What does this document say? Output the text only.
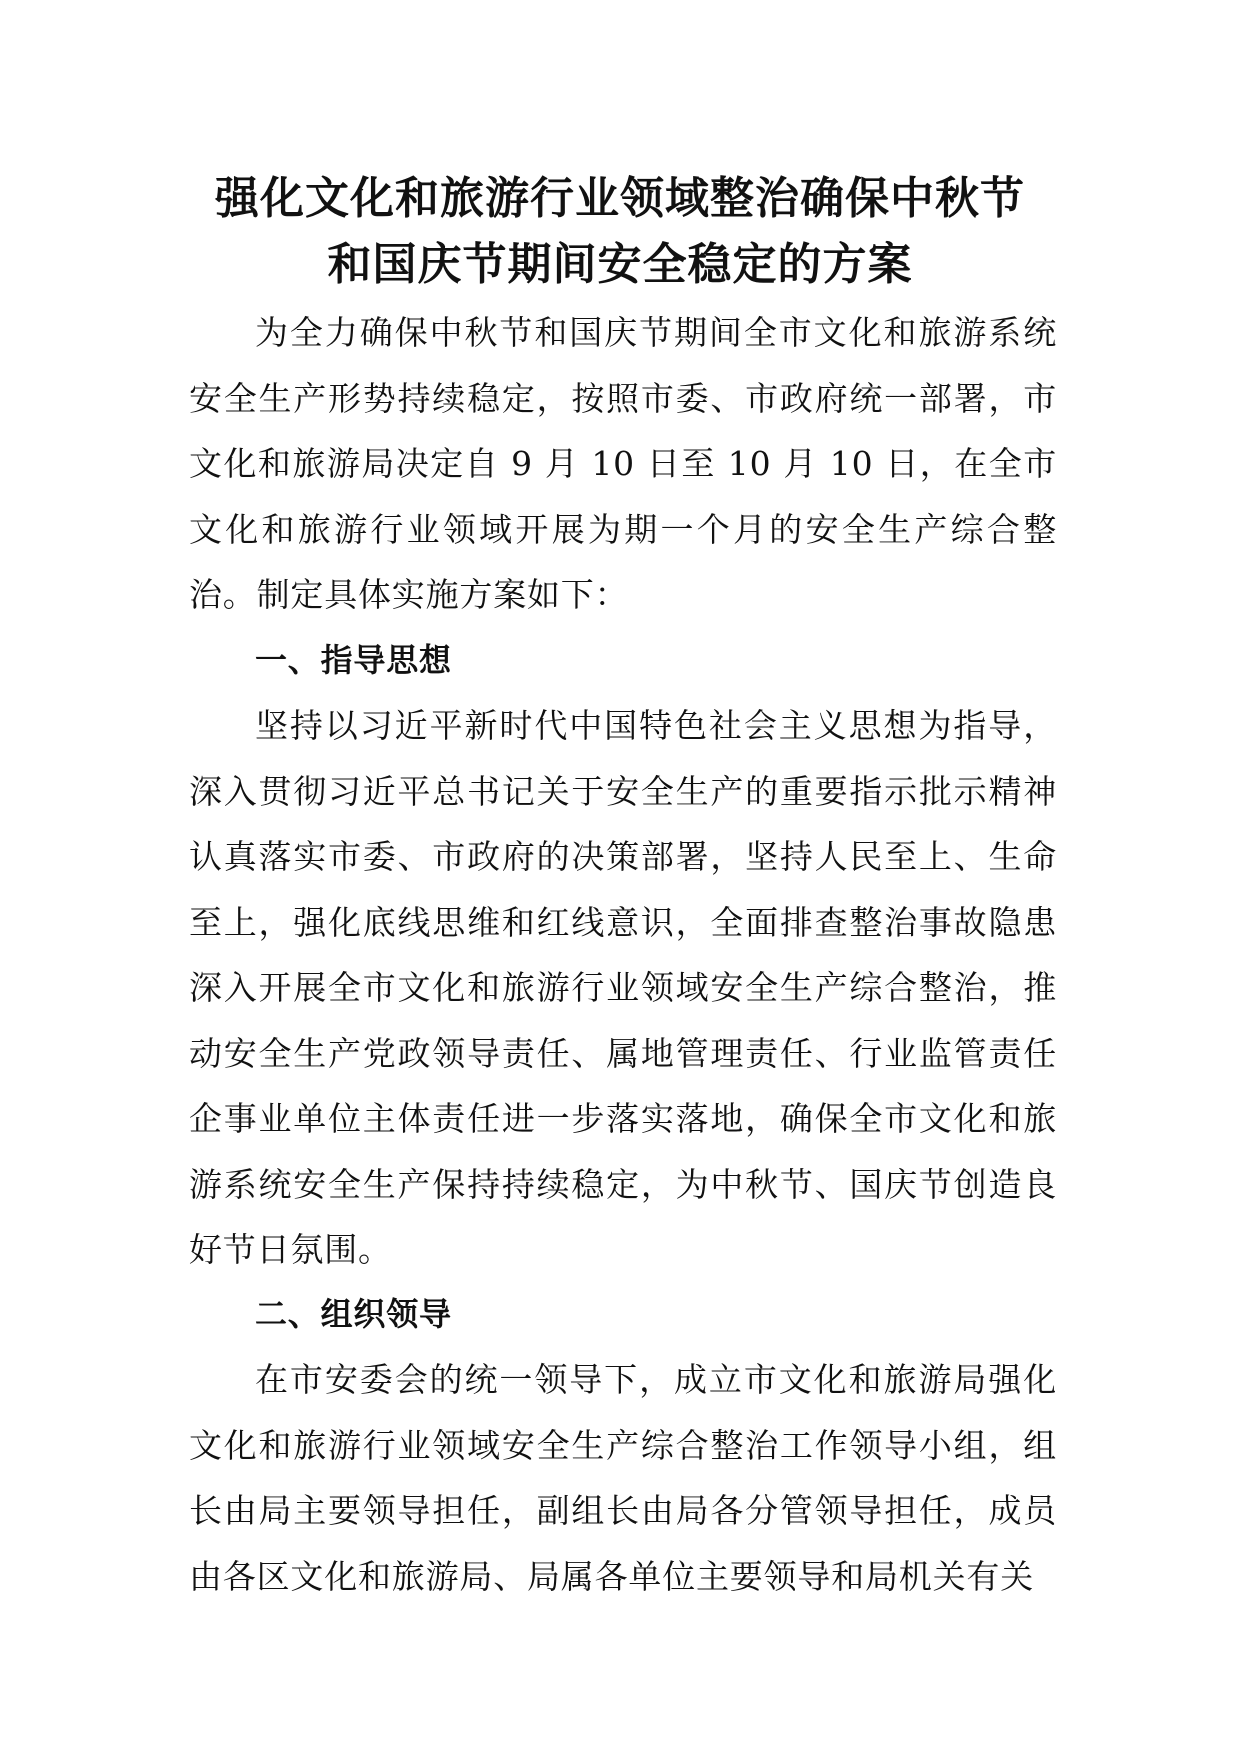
强化文化和旅游行业领域整治确保中秋节
和国庆节期间安全稳定的方案

为全力确保中秋节和国庆节期间全市文化和旅游系统安全生产形势持续稳定，按照市委、市政府统一部署，市文化和旅游局决定自 9 月 10 日至 10 月 10 日，在全市文化和旅游行业领域开展为期一个月的安全生产综合整治。制定具体实施方案如下：

一、指导思想

坚持以习近平新时代中国特色社会主义思想为指导，深入贯彻习近平总书记关于安全生产的重要指示批示精神认真落实市委、市政府的决策部署，坚持人民至上、生命至上，强化底线思维和红线意识，全面排查整治事故隐患深入开展全市文化和旅游行业领域安全生产综合整治，推动安全生产党政领导责任、属地管理责任、行业监管责任企事业单位主体责任进一步落实落地，确保全市文化和旅游系统安全生产保持持续稳定，为中秋节、国庆节创造良好节日氛围。

二、组织领导

在市安委会的统一领导下，成立市文化和旅游局强化文化和旅游行业领域安全生产综合整治工作领导小组，组长由局主要领导担任，副组长由局各分管领导担任，成员由各区文化和旅游局、局属各单位主要领导和局机关有关
